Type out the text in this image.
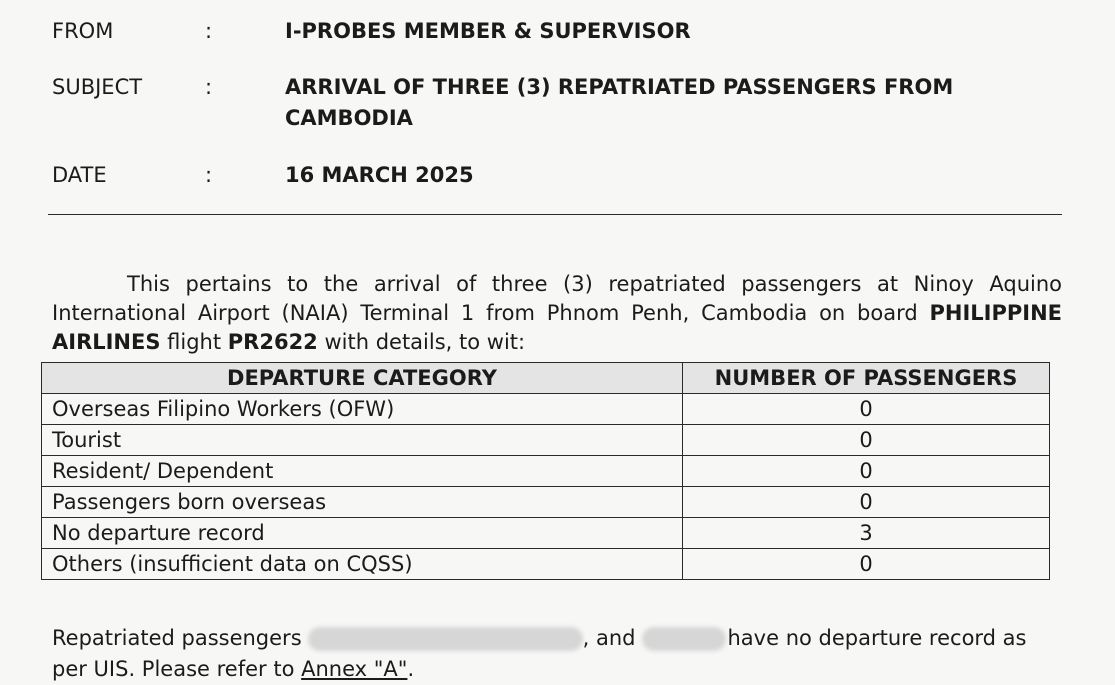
FROM	:	I-PROBES MEMBER & SUPERVISOR
SUBJECT	:	ARRIVAL OF THREE (3) REPATRIATED PASSENGERS FROM CAMBODIA
DATE	:	16 MARCH 2025

This pertains to the arrival of three (3) repatriated passengers at Ninoy Aquino International Airport (NAIA) Terminal 1 from Phnom Penh, Cambodia on board PHILIPPINE AIRLINES flight PR2622 with details, to wit:

DEPARTURE CATEGORY	NUMBER OF PASSENGERS
Overseas Filipino Workers (OFW)	0
Tourist	0
Resident/ Dependent	0
Passengers born overseas	0
No departure record	3
Others (insufficient data on CQSS)	0

Repatriated passengers	, and	have no departure record as per UIS. Please refer to Annex "A".
